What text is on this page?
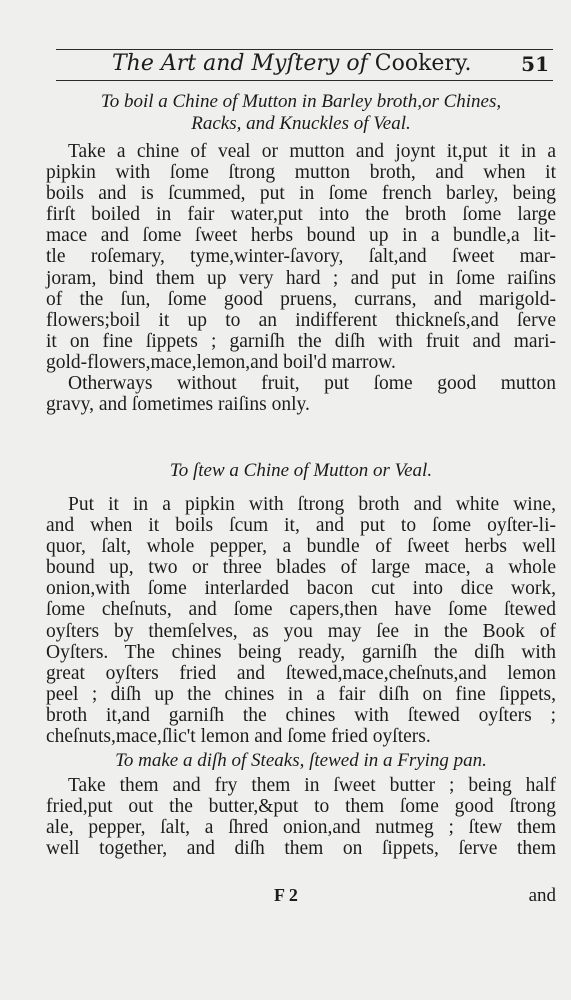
The Art and Myſtery of Cookery. 51
To boil a Chine of Mutton in Barley broth,or Chines,
Racks, and Knuckles of Veal.
Take a chine of veal or mutton and joynt it,put it in a
pipkin with ſome ſtrong mutton broth, and when it
boils and is ſcummed, put in ſome french barley, being
firſt boiled in fair water,put into the broth ſome large
mace and ſome ſweet herbs bound up in a bundle,a lit-
tle roſemary, tyme,winter-ſavory, ſalt,and ſweet mar-
joram, bind them up very hard ; and put in ſome raiſins
of the ſun, ſome good pruens, currans, and marigold-
flowers;boil it up to an indifferent thickneſs,and ſerve
it on fine ſippets ; garniſh the diſh with fruit and mari-
gold-flowers,mace,lemon,and boil'd marrow.
Otherways without fruit, put ſome good mutton
gravy, and ſometimes raiſins only.
To ſtew a Chine of Mutton or Veal.
Put it in a pipkin with ſtrong broth and white wine,
and when it boils ſcum it, and put to ſome oyſter-li-
quor, ſalt, whole pepper, a bundle of ſweet herbs well
bound up, two or three blades of large mace, a whole
onion,with ſome interlarded bacon cut into dice work,
ſome cheſnuts, and ſome capers,then have ſome ſtewed
oyſters by themſelves, as you may ſee in the Book of
Oyſters. The chines being ready, garniſh the diſh with
great oyſters fried and ſtewed,mace,cheſnuts,and lemon
peel ; diſh up the chines in a fair diſh on fine ſippets,
broth it,and garniſh the chines with ſtewed oyſters ;
cheſnuts,mace,ſlic't lemon and ſome fried oyſters.
To make a diſh of Steaks, ſtewed in a Frying pan.
Take them and fry them in ſweet butter ; being half
fried,put out the butter,&put to them ſome good ſtrong
ale, pepper, ſalt, a ſhred onion,and nutmeg ; ſtew them
well together, and diſh them on ſippets, ſerve them
F 2	and
